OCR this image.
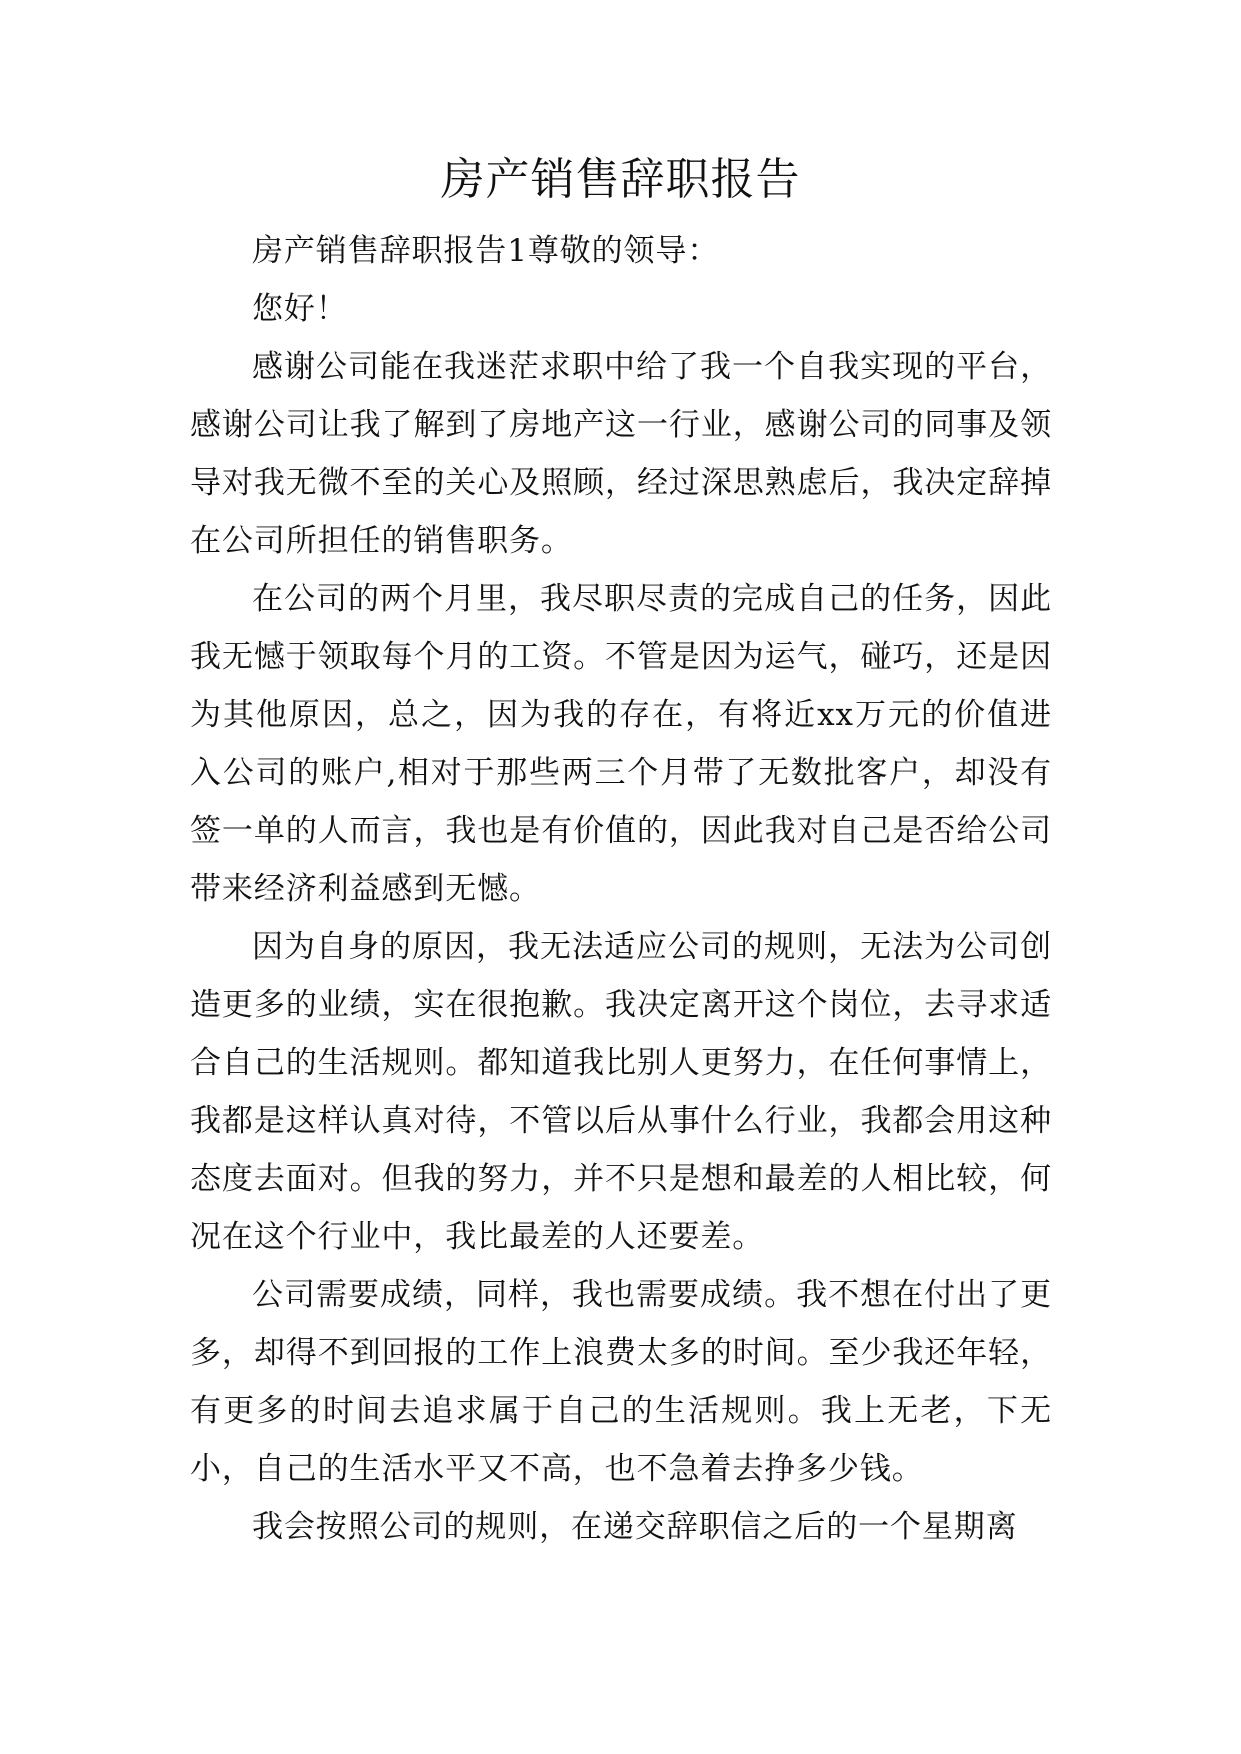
房产销售辞职报告

房产销售辞职报告1尊敬的领导：

您好！

感谢公司能在我迷茫求职中给了我一个自我实现的平台，感谢公司让我了解到了房地产这一行业，感谢公司的同事及领导对我无微不至的关心及照顾，经过深思熟虑后，我决定辞掉在公司所担任的销售职务。

在公司的两个月里，我尽职尽责的完成自己的任务，因此我无憾于领取每个月的工资。不管是因为运气，碰巧，还是因为其他原因，总之，因为我的存在，有将近xx万元的价值进入公司的账户,相对于那些两三个月带了无数批客户，却没有签一单的人而言，我也是有价值的，因此我对自己是否给公司带来经济利益感到无憾。

因为自身的原因，我无法适应公司的规则，无法为公司创造更多的业绩，实在很抱歉。我决定离开这个岗位，去寻求适合自己的生活规则。都知道我比别人更努力，在任何事情上，我都是这样认真对待，不管以后从事什么行业，我都会用这种态度去面对。但我的努力，并不只是想和最差的人相比较，何况在这个行业中，我比最差的人还要差。

公司需要成绩，同样，我也需要成绩。我不想在付出了更多，却得不到回报的工作上浪费太多的时间。至少我还年轻，有更多的时间去追求属于自己的生活规则。我上无老，下无小，自己的生活水平又不高，也不急着去挣多少钱。

我会按照公司的规则，在递交辞职信之后的一个星期离
